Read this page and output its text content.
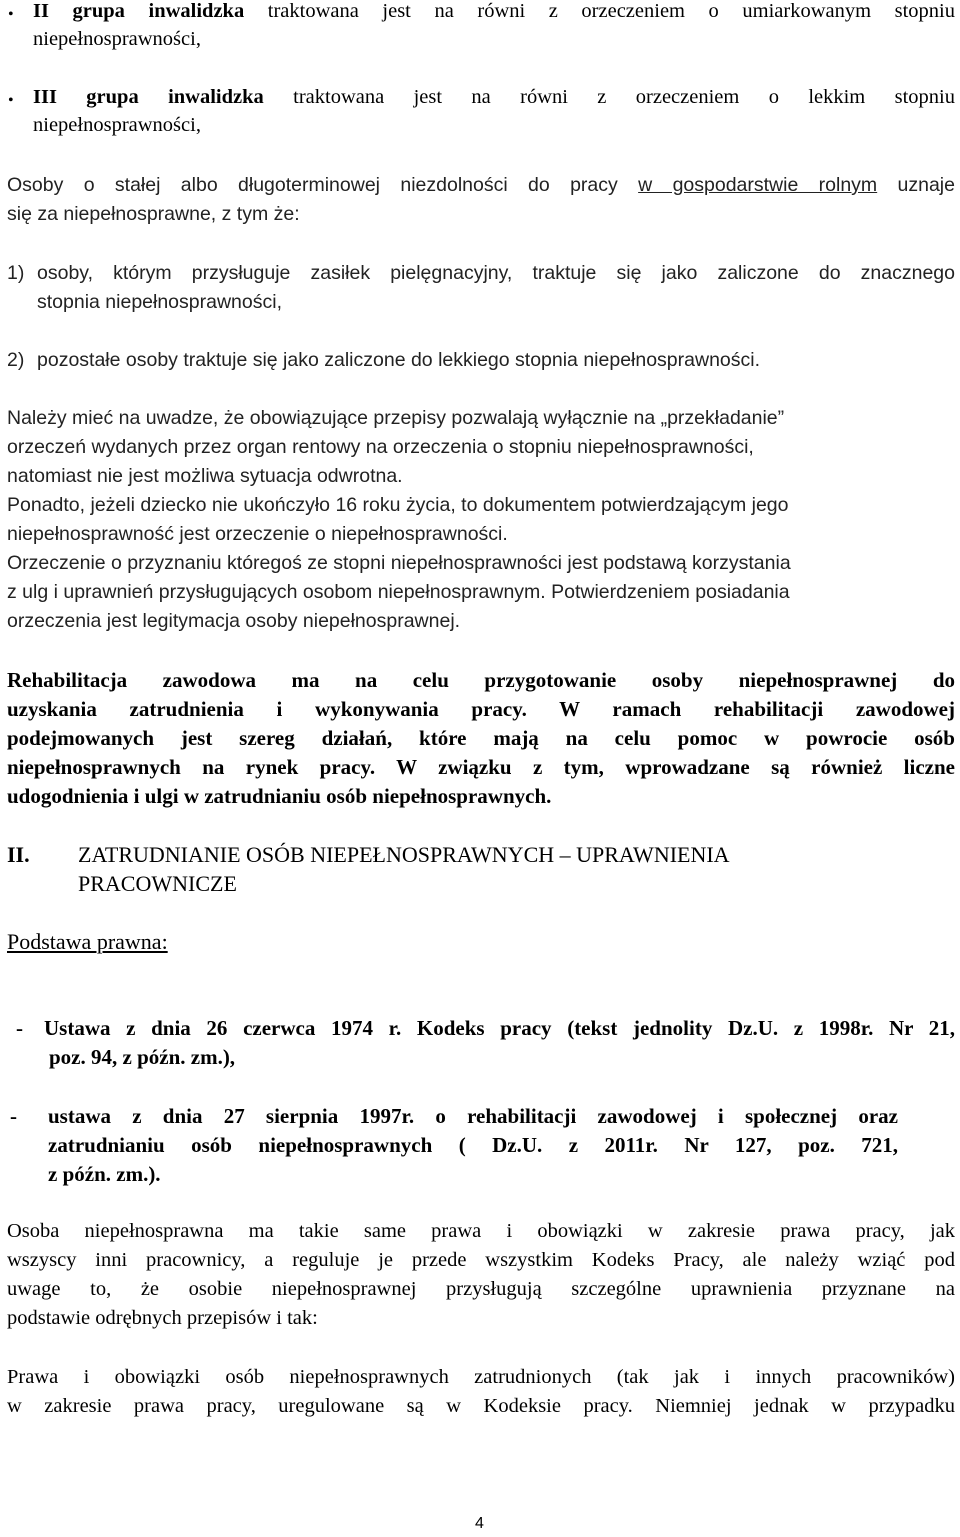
• II grupa inwalidzka traktowana jest na równi z orzeczeniem o umiarkowanym stopniu
niepełnosprawności,
• III grupa inwalidzka traktowana jest na równi z orzeczeniem o lekkim stopniu
niepełnosprawności,
Osoby o stałej albo długoterminowej niezdolności do pracy w gospodarstwie rolnym uznaje
się za niepełnosprawne, z tym że:
1) osoby, którym przysługuje zasiłek pielęgnacyjny, traktuje się jako zaliczone do znacznego
stopnia niepełnosprawności,
2) pozostałe osoby traktuje się jako zaliczone do lekkiego stopnia niepełnosprawności.
Należy mieć na uwadze, że obowiązujące przepisy pozwalają wyłącznie na „przekładanie”
orzeczeń wydanych przez organ rentowy na orzeczenia o stopniu niepełnosprawności,
natomiast nie jest możliwa sytuacja odwrotna.
Ponadto, jeżeli dziecko nie ukończyło 16 roku życia, to dokumentem potwierdzającym jego
niepełnosprawność jest orzeczenie o niepełnosprawności.
Orzeczenie o przyznaniu któregoś ze stopni niepełnosprawności jest podstawą korzystania
z ulg i uprawnień przysługujących osobom niepełnosprawnym. Potwierdzeniem posiadania
orzeczenia jest legitymacja osoby niepełnosprawnej.
Rehabilitacja zawodowa ma na celu przygotowanie osoby niepełnosprawnej do
uzyskania zatrudnienia i wykonywania pracy. W ramach rehabilitacji zawodowej
podejmowanych jest szereg działań, które mają na celu pomoc w powrocie osób
niepełnosprawnych na rynek pracy. W związku z tym, wprowadzane są również liczne
udogodnienia i ulgi w zatrudnianiu osób niepełnosprawnych.
II. ZATRUDNIANIE OSÓB NIEPEŁNOSPRAWNYCH – UPRAWNIENIA
PRACOWNICZE
Podstawa prawna:
- Ustawa z dnia 26 czerwca 1974 r. Kodeks pracy (tekst jednolity Dz.U. z 1998r. Nr 21,
poz. 94, z późn. zm.),
- ustawa z dnia 27 sierpnia 1997r. o rehabilitacji zawodowej i społecznej oraz
zatrudnianiu osób niepełnosprawnych ( Dz.U. z 2011r. Nr 127, poz. 721,
z późn. zm.).
Osoba niepełnosprawna ma takie same prawa i obowiązki w zakresie prawa pracy, jak
wszyscy inni pracownicy, a reguluje je przede wszystkim Kodeks Pracy, ale należy wziąć pod
uwage to, że osobie niepełnosprawnej przysługują szczególne uprawnienia przyznane na
podstawie odrębnych przepisów i tak:
Prawa i obowiązki osób niepełnosprawnych zatrudnionych (tak jak i innych pracowników)
w zakresie prawa pracy, uregulowane są w Kodeksie pracy. Niemniej jednak w przypadku
4
